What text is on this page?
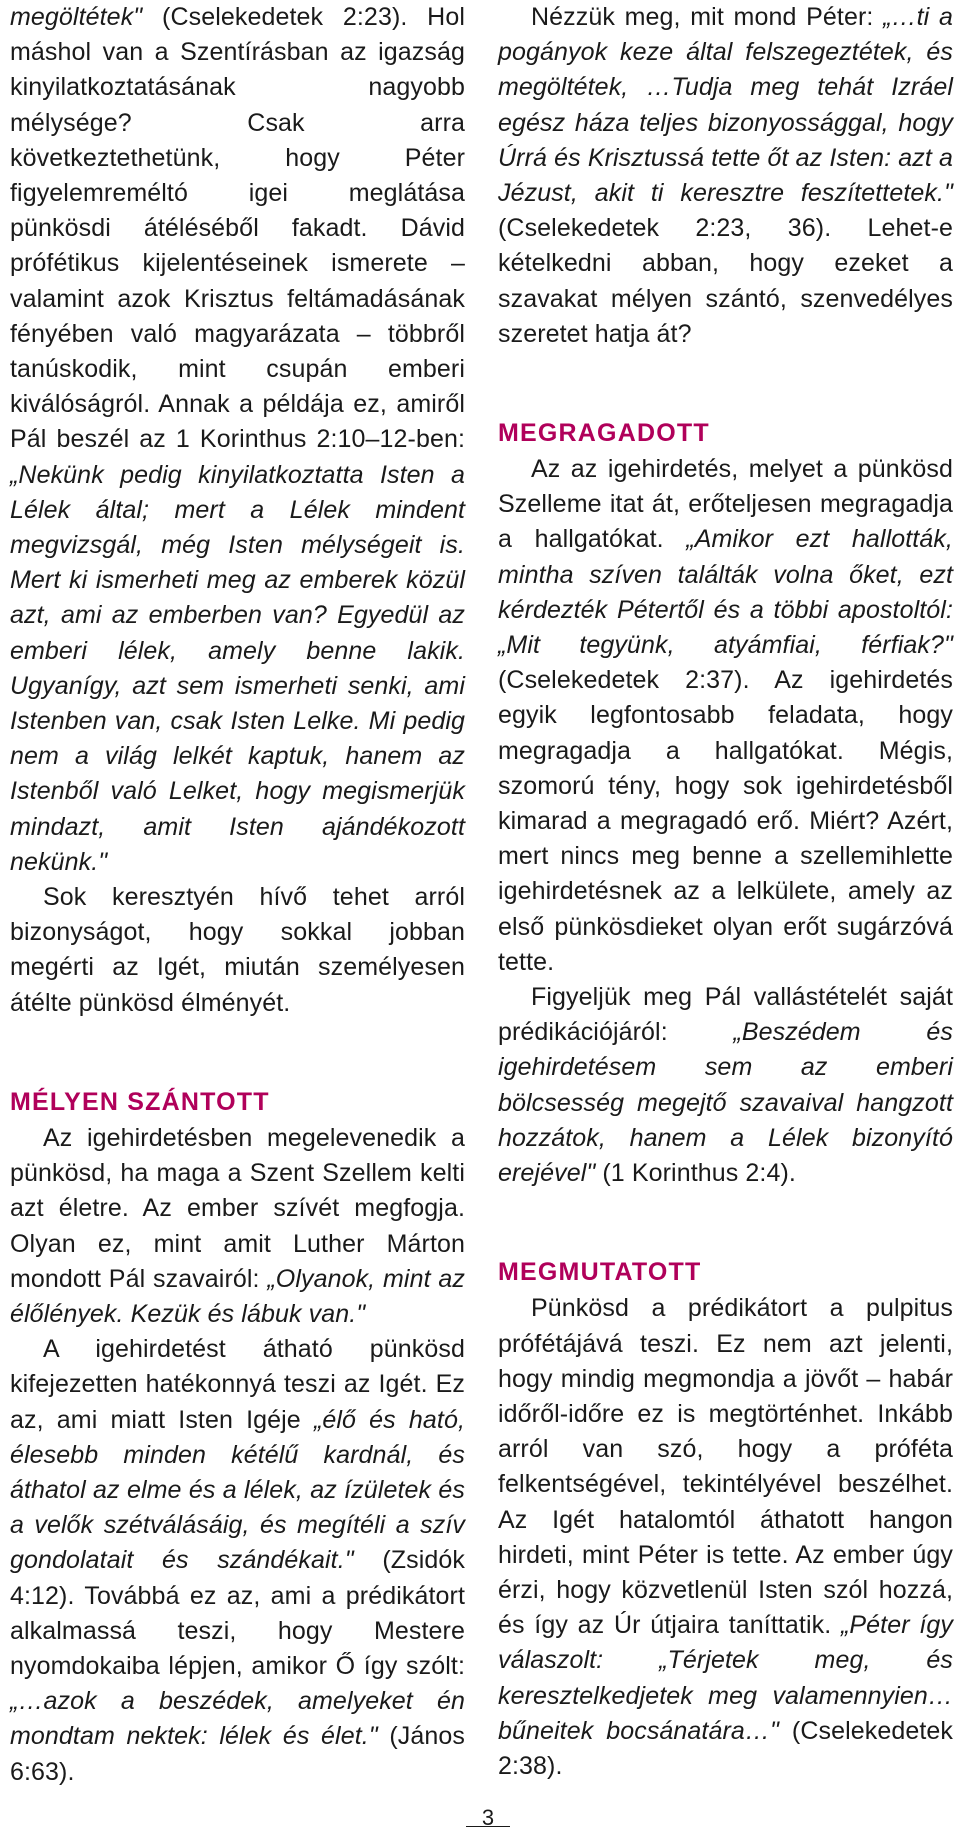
megöltétek" (Cselekedetek 2:23). Hol máshol van a Szentírásban az igazság kinyilatkoztatásának nagyobb mélysége? Csak arra következtethetünk, hogy Péter figyelemreméltó igei meglátása pünkösdi átéléséből fakadt. Dávid prófétikus kijelentéseinek ismerete – valamint azok Krisztus feltámadásának fényében való magyarázata – többről tanúskodik, mint csupán emberi kiválóságról. Annak a példája ez, amiről Pál beszél az 1 Korinthus 2:10–12-ben: „Nekünk pedig kinyilatkoztatta Isten a Lélek által; mert a Lélek mindent megvizsgál, még Isten mélységeit is. Mert ki ismerheti meg az emberek közül azt, ami az emberben van? Egyedül az emberi lélek, amely benne lakik. Ugyanígy, azt sem ismerheti senki, ami Istenben van, csak Isten Lelke. Mi pedig nem a világ lelkét kaptuk, hanem az Istenből való Lelket, hogy megismerjük mindazt, amit Isten ajándékozott nekünk."

Sok keresztyén hívő tehet arról bizonyságot, hogy sokkal jobban megérti az Igét, miután személyesen átélte pünkösd élményét.

MÉLYEN SZÁNTOTT

Az igehirdetésben megelevenedik a pünkösd, ha maga a Szent Szellem kelti azt életre. Az ember szívét megfogja. Olyan ez, mint amit Luther Márton mondott Pál szavairól: „Olyanok, mint az élőlények. Kezük és lábuk van."

A igehirdetést átható pünkösd kifejezetten hatékonnyá teszi az Igét. Ez az, ami miatt Isten Igéje „élő és ható, élesebb minden kétélű kardnál, és áthatol az elme és a lélek, az ízületek és a velők szétválásáig, és megítéli a szív gondolatait és szándékait." (Zsidók 4:12). Továbbá ez az, ami a prédikátort alkalmassá teszi, hogy Mestere nyomdokaiba lépjen, amikor Ő így szólt: „…azok a beszédek, amelyeket én mondtam nektek: lélek és élet." (János 6:63).

Nézzük meg, mit mond Péter: „…ti a pogányok keze által felszegeztétek, és megöltétek, …Tudja meg tehát Izráel egész háza teljes bizonyossággal, hogy Úrrá és Krisztussá tette őt az Isten: azt a Jézust, akit ti keresztre feszítettetek." (Cselekedetek 2:23, 36). Lehet-e kételkedni abban, hogy ezeket a szavakat mélyen szántó, szenvedélyes szeretet hatja át?

MEGRAGADOTT

Az az igehirdetés, melyet a pünkösd Szelleme itat át, erőteljesen megragadja a hallgatókat. „Amikor ezt hallották, mintha szíven találták volna őket, ezt kérdezték Pétertől és a többi apostoltól: „Mit tegyünk, atyámfiai, férfiak?" (Cselekedetek 2:37). Az igehirdetés egyik legfontosabb feladata, hogy megragadja a hallgatókat. Mégis, szomorú tény, hogy sok igehirdetésből kimarad a megragadó erő. Miért? Azért, mert nincs meg benne a szellemihlette igehirdetésnek az a lelkülete, amely az első pünkösdieket olyan erőt sugárzóvá tette.

Figyeljük meg Pál vallástételét saját prédikációjáról: „Beszédem és igehirdetésem sem az emberi bölcsesség megejtő szavaival hangzott hozzátok, hanem a Lélek bizonyító erejével" (1 Korinthus 2:4).

MEGMUTATOTT

Pünkösd a prédikátort a pulpitus prófétájává teszi. Ez nem azt jelenti, hogy mindig megmondja a jövőt – habár időről-időre ez is megtörténhet. Inkább arról van szó, hogy a próféta felkentségével, tekintélyével beszélhet. Az Igét hatalomtól áthatott hangon hirdeti, mint Péter is tette. Az ember úgy érzi, hogy közvetlenül Isten szól hozzá, és így az Úr útjaira taníttatik. „Péter így válaszolt: „Térjetek meg, és keresztelkedjetek meg valamennyien… bűneitek bocsánatára…" (Cselekedetek 2:38).

3
